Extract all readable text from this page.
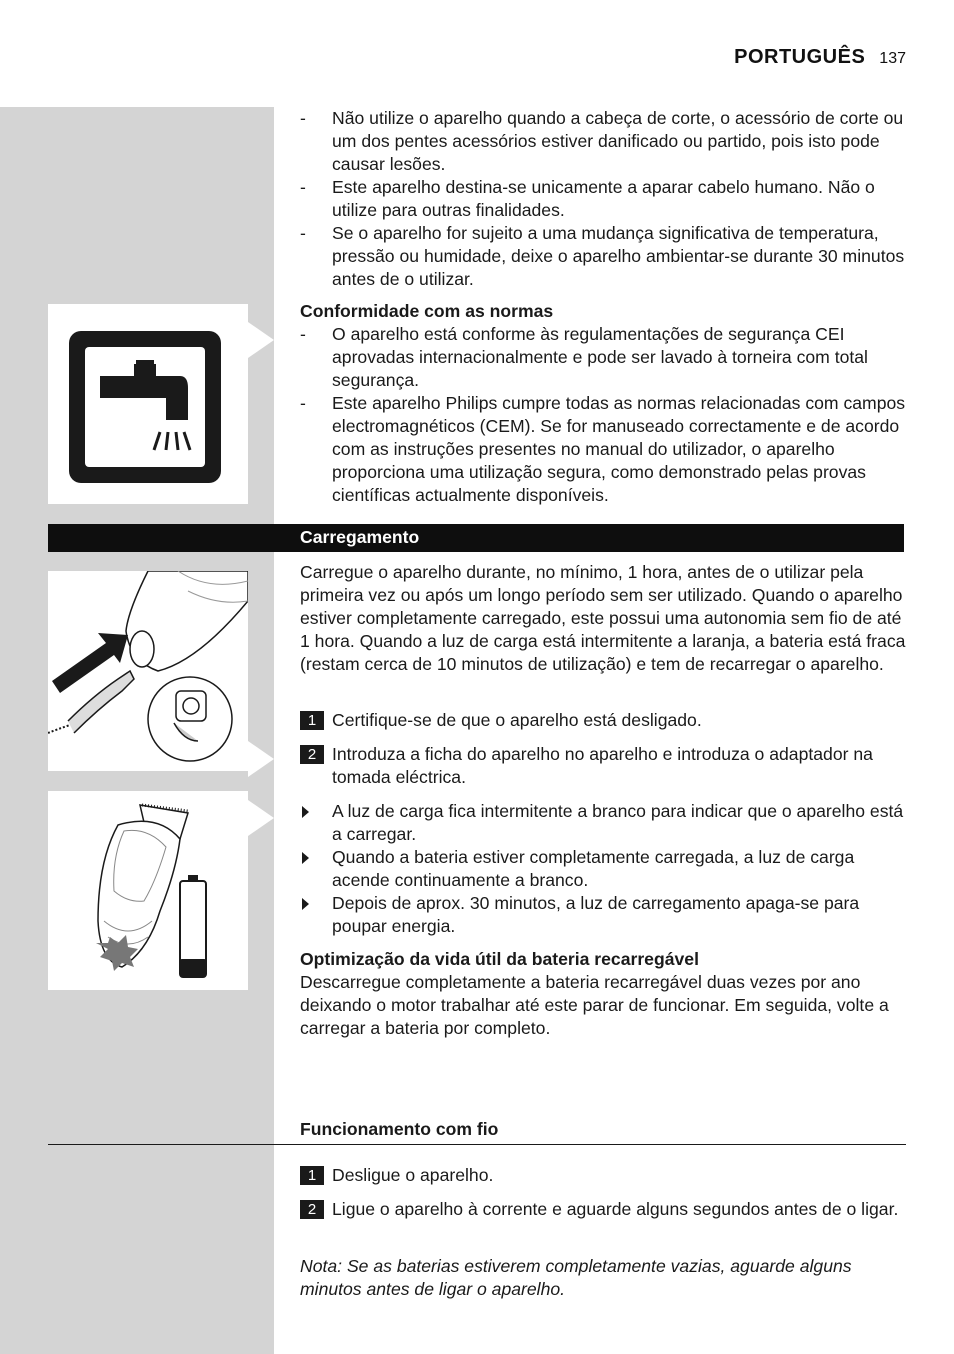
PORTUGUÊS 137
- Não utilize o aparelho quando a cabeça de corte, o acessório de corte ou um dos pentes acessórios estiver danificado ou partido, pois isto pode causar lesões.
- Este aparelho destina-se unicamente a aparar cabelo humano. Não o utilize para outras finalidades.
- Se o aparelho for sujeito a uma mudança significativa de temperatura, pressão ou humidade, deixe o aparelho ambientar-se durante 30 minutos antes de o utilizar.

Conformidade com as normas

- O aparelho está conforme às regulamentações de segurança CEI aprovadas internacionalmente e pode ser lavado à torneira com total segurança.
- Este aparelho Philips cumpre todas as normas relacionadas com campos electromagnéticos (CEM). Se for manuseado correctamente e de acordo com as instruções presentes no manual do utilizador, o aparelho proporciona uma utilização segura, como demonstrado pelas provas científicas actualmente disponíveis.
Carregamento

Carregue o aparelho durante, no mínimo, 1 hora, antes de o utilizar pela primeira vez ou após um longo período sem ser utilizado. Quando o aparelho estiver completamente carregado, este possui uma autonomia sem fio de até 1 hora. Quando a luz de carga está intermitente a laranja, a bateria está fraca (restam cerca de 10 minutos de utilização) e tem de recarregar o aparelho.

1 Certifique-se de que o aparelho está desligado.
2 Introduza a ficha do aparelho no aparelho e introduza o adaptador na tomada eléctrica.
A luz de carga fica intermitente a branco para indicar que o aparelho está a carregar.
Quando a bateria estiver completamente carregada, a luz de carga acende continuamente a branco.
Depois de aprox. 30 minutos, a luz de carregamento apaga-se para poupar energia.

Optimização da vida útil da bateria recarregável

Descarregue completamente a bateria recarregável duas vezes por ano deixando o motor trabalhar até este parar de funcionar. Em seguida, volte a carregar a bateria por completo.

Funcionamento com fio

1 Desligue o aparelho.
2 Ligue o aparelho à corrente e aguarde alguns segundos antes de o ligar.

Nota: Se as baterias estiverem completamente vazias, aguarde alguns minutos antes de ligar o aparelho.
